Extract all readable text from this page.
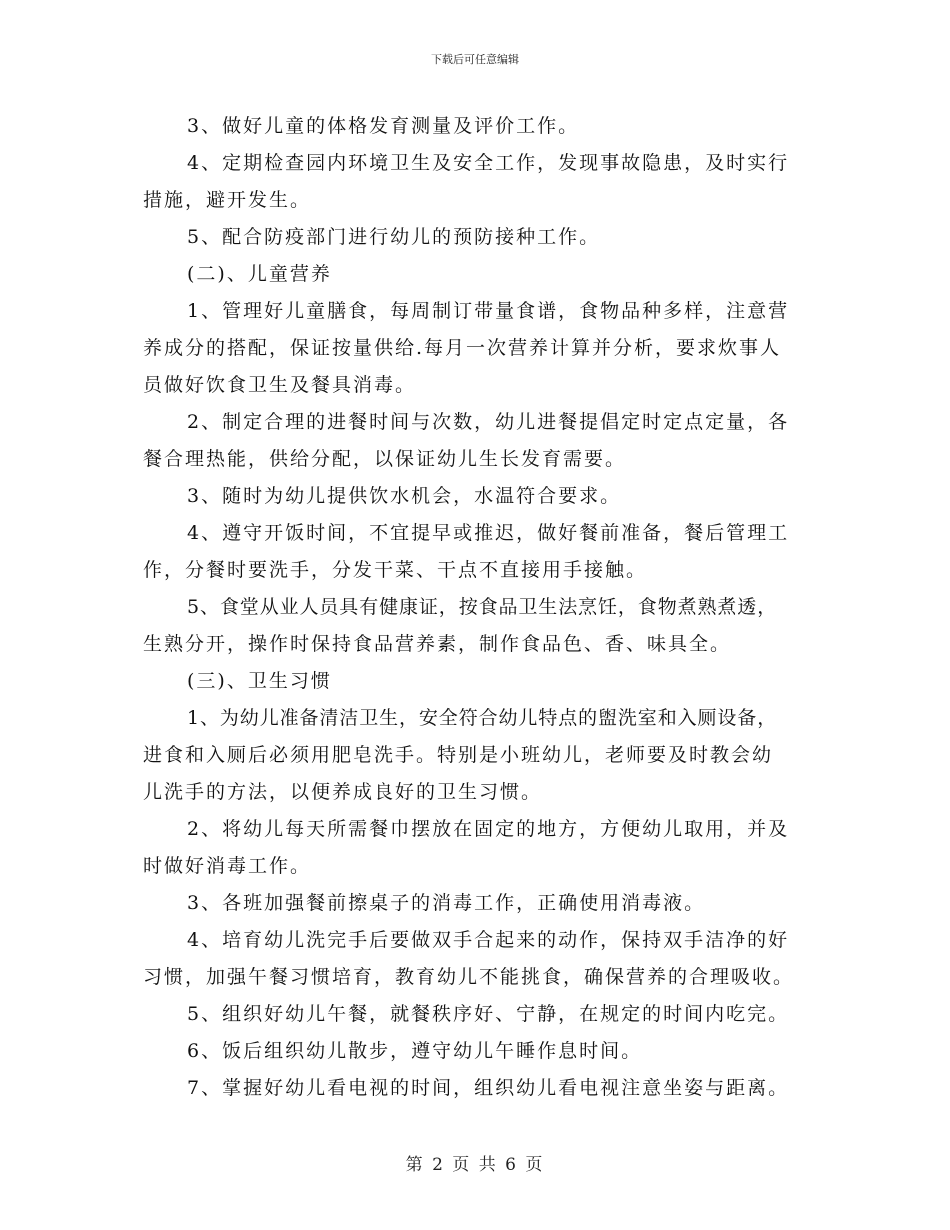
下载后可任意编辑
3、做好儿童的体格发育测量及评价工作。
4、定期检查园内环境卫生及安全工作，发现事故隐患，及时实行
措施，避开发生。
5、配合防疫部门进行幼儿的预防接种工作。
(二)、儿童营养
1、管理好儿童膳食，每周制订带量食谱，食物品种多样，注意营
养成分的搭配，保证按量供给.每月一次营养计算并分析，要求炊事人
员做好饮食卫生及餐具消毒。
2、制定合理的进餐时间与次数，幼儿进餐提倡定时定点定量，各
餐合理热能，供给分配，以保证幼儿生长发育需要。
3、随时为幼儿提供饮水机会，水温符合要求。
4、遵守开饭时间，不宜提早或推迟，做好餐前准备，餐后管理工
作，分餐时要洗手，分发干菜、干点不直接用手接触。
5、食堂从业人员具有健康证，按食品卫生法烹饪，食物煮熟煮透，
生熟分开，操作时保持食品营养素，制作食品色、香、味具全。
(三)、卫生习惯
1、为幼儿准备清洁卫生，安全符合幼儿特点的盥洗室和入厕设备，
进食和入厕后必须用肥皂洗手。特别是小班幼儿，老师要及时教会幼
儿洗手的方法，以便养成良好的卫生习惯。
2、将幼儿每天所需餐巾摆放在固定的地方，方便幼儿取用，并及
时做好消毒工作。
3、各班加强餐前擦桌子的消毒工作，正确使用消毒液。
4、培育幼儿洗完手后要做双手合起来的动作，保持双手洁净的好
习惯，加强午餐习惯培育，教育幼儿不能挑食，确保营养的合理吸收。
5、组织好幼儿午餐，就餐秩序好、宁静，在规定的时间内吃完。
6、饭后组织幼儿散步，遵守幼儿午睡作息时间。
7、掌握好幼儿看电视的时间，组织幼儿看电视注意坐姿与距离。
第 2 页 共 6 页
